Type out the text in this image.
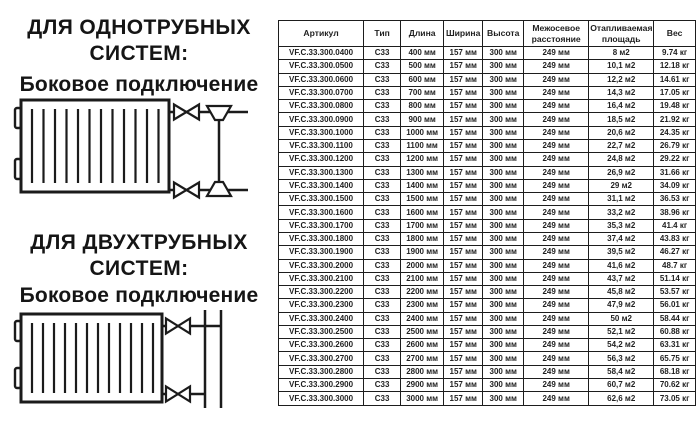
ДЛЯ ОДНОТРУБНЫХ
СИСТЕМ:
Боковое подключение
ДЛЯ ДВУХТРУБНЫХ
СИСТЕМ:
Боковое подключение
Артикул	Тип	Длина	Ширина	Высота	Межосевое расстояние	Отапливаемая площадь	Вес
VF.C.33.300.0400	C33	400 мм	157 мм	300 мм	249 мм	8 м2	9.74 кг
VF.C.33.300.0500	C33	500 мм	157 мм	300 мм	249 мм	10,1 м2	12.18 кг
VF.C.33.300.0600	C33	600 мм	157 мм	300 мм	249 мм	12,2 м2	14.61 кг
VF.C.33.300.0700	C33	700 мм	157 мм	300 мм	249 мм	14,3 м2	17.05 кг
VF.C.33.300.0800	C33	800 мм	157 мм	300 мм	249 мм	16,4 м2	19.48 кг
VF.C.33.300.0900	C33	900 мм	157 мм	300 мм	249 мм	18,5 м2	21.92 кг
VF.C.33.300.1000	C33	1000 мм	157 мм	300 мм	249 мм	20,6 м2	24.35 кг
VF.C.33.300.1100	C33	1100 мм	157 мм	300 мм	249 мм	22,7 м2	26.79 кг
VF.C.33.300.1200	C33	1200 мм	157 мм	300 мм	249 мм	24,8 м2	29.22 кг
VF.C.33.300.1300	C33	1300 мм	157 мм	300 мм	249 мм	26,9 м2	31.66 кг
VF.C.33.300.1400	C33	1400 мм	157 мм	300 мм	249 мм	29 м2	34.09 кг
VF.C.33.300.1500	C33	1500 мм	157 мм	300 мм	249 мм	31,1 м2	36.53 кг
VF.C.33.300.1600	C33	1600 мм	157 мм	300 мм	249 мм	33,2 м2	38.96 кг
VF.C.33.300.1700	C33	1700 мм	157 мм	300 мм	249 мм	35,3 м2	41.4 кг
VF.C.33.300.1800	C33	1800 мм	157 мм	300 мм	249 мм	37,4 м2	43.83 кг
VF.C.33.300.1900	C33	1900 мм	157 мм	300 мм	249 мм	39,5 м2	46.27 кг
VF.C.33.300.2000	C33	2000 мм	157 мм	300 мм	249 мм	41,6 м2	48.7 кг
VF.C.33.300.2100	C33	2100 мм	157 мм	300 мм	249 мм	43,7 м2	51.14 кг
VF.C.33.300.2200	C33	2200 мм	157 мм	300 мм	249 мм	45,8 м2	53.57 кг
VF.C.33.300.2300	C33	2300 мм	157 мм	300 мм	249 мм	47,9 м2	56.01 кг
VF.C.33.300.2400	C33	2400 мм	157 мм	300 мм	249 мм	50 м2	58.44 кг
VF.C.33.300.2500	C33	2500 мм	157 мм	300 мм	249 мм	52,1 м2	60.88 кг
VF.C.33.300.2600	C33	2600 мм	157 мм	300 мм	249 мм	54,2 м2	63.31 кг
VF.C.33.300.2700	C33	2700 мм	157 мм	300 мм	249 мм	56,3 м2	65.75 кг
VF.C.33.300.2800	C33	2800 мм	157 мм	300 мм	249 мм	58,4 м2	68.18 кг
VF.C.33.300.2900	C33	2900 мм	157 мм	300 мм	249 мм	60,7 м2	70.62 кг
VF.C.33.300.3000	C33	3000 мм	157 мм	300 мм	249 мм	62,6 м2	73.05 кг
